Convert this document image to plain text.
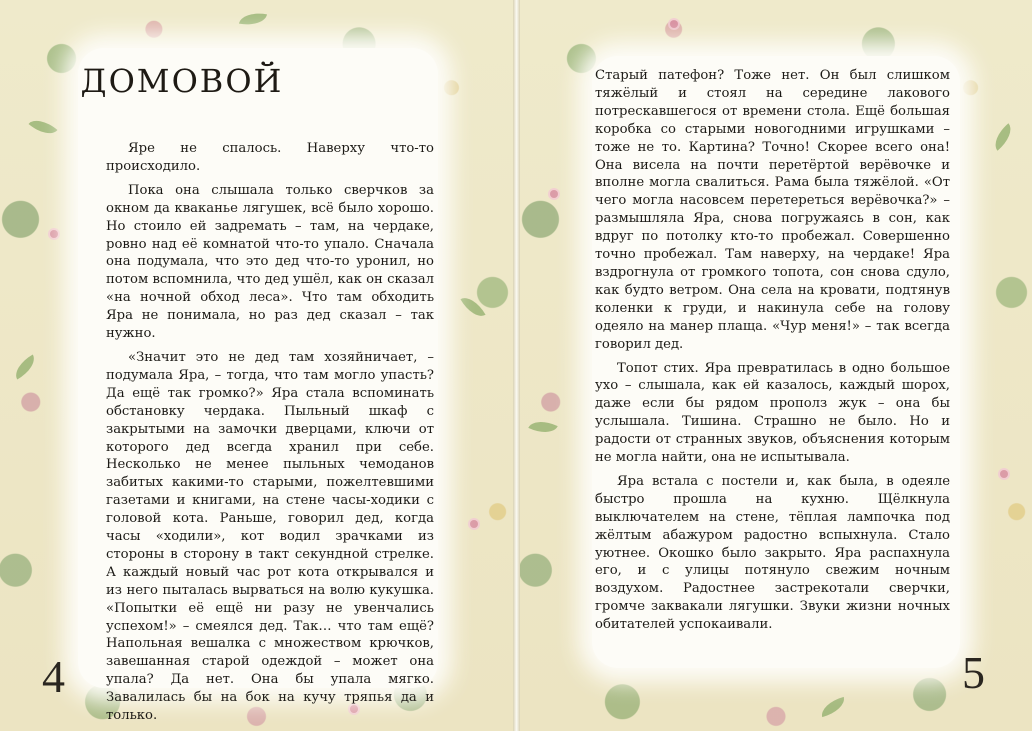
ДОМОВОЙ

Яре не спалось. Наверху что-то происходило.

Пока она слышала только сверчков за окном да кваканье лягушек, всё было хорошо. Но стоило ей задремать – там, на чердаке, ровно над её комнатой что-то упало. Сначала она подумала, что это дед что-то уронил, но потом вспомнила, что дед ушёл, как он сказал «на ночной обход леса». Что там обходить Яра не понимала, но раз дед сказал – так нужно.

«Значит это не дед там хозяйничает, – подумала Яра, – тогда, что там могло упасть? Да ещё так громко?» Яра стала вспоминать обстановку чердака. Пыльный шкаф с закрытыми на замочки дверцами, ключи от которого дед всегда хранил при себе. Несколько не менее пыльных чемоданов забитых какими-то старыми, пожелтевшими газетами и книгами, на стене часы-ходики с головой кота. Раньше, говорил дед, когда часы «ходили», кот водил зрачками из стороны в сторону в такт секундной стрелке. А каждый новый час рот кота открывался и из него пыталась вырваться на волю кукушка. «Попытки её ещё ни разу не увенчались успехом!» – смеялся дед. Так… что там ещё? Напольная вешалка с множеством крючков, завешанная старой одеждой – может она упала? Да нет. Она бы упала мягко. Завалилась бы на бок на кучу тряпья да и только.

4

Старый патефон? Тоже нет. Он был слишком тяжёлый и стоял на середине лакового потрескавшегося от времени стола. Ещё большая коробка со старыми новогодними игрушками – тоже не то. Картина? Точно! Скорее всего она! Она висела на почти перетёртой верёвочке и вполне могла свалиться. Рама была тяжёлой. «От чего могла насовсем перетереться верёвочка?» – размышляла Яра, снова погружаясь в сон, как вдруг по потолку кто-то пробежал. Совершенно точно пробежал. Там наверху, на чердаке! Яра вздрогнула от громкого топота, сон снова сдуло, как будто ветром. Она села на кровати, подтянув коленки к груди, и накинула себе на голову одеяло на манер плаща. «Чур меня!» – так всегда говорил дед.

Топот стих. Яра превратилась в одно большое ухо – слышала, как ей казалось, каждый шорох, даже если бы рядом прополз жук – она бы услышала. Тишина. Страшно не было. Но и радости от странных звуков, объяснения которым не могла найти, она не испытывала.

Яра встала с постели и, как была, в одеяле быстро прошла на кухню. Щёлкнула выключателем на стене, тёплая лампочка под жёлтым абажуром радостно вспыхнула. Стало уютнее. Окошко было закрыто. Яра распахнула его, и с улицы потянуло свежим ночным воздухом. Радостнее застрекотали сверчки, громче заквакали лягушки. Звуки жизни ночных обитателей успокаивали.

5
